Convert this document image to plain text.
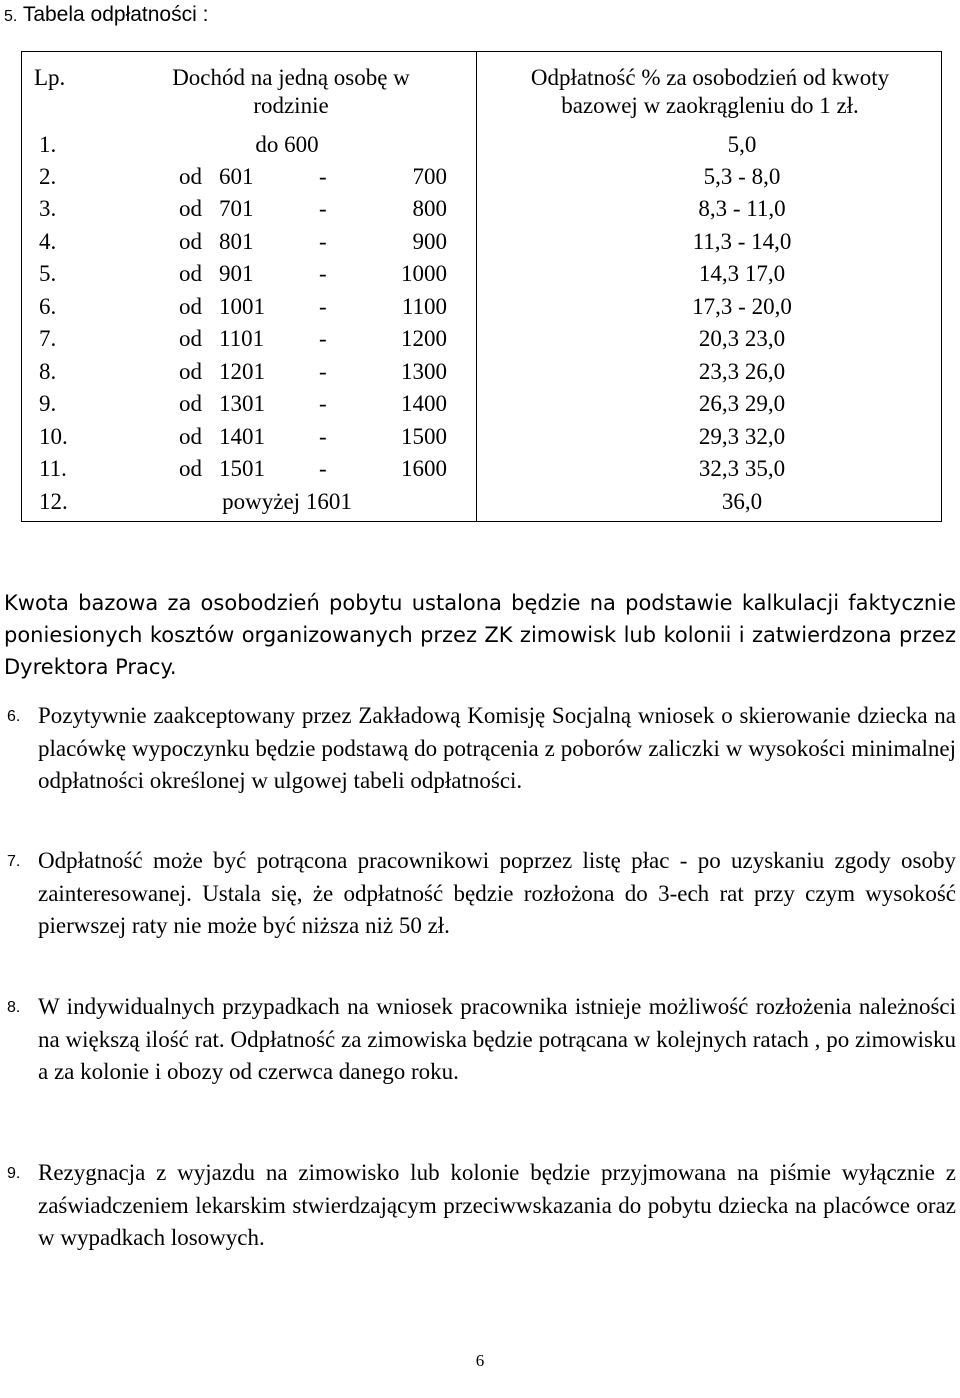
5. Tabela odpłatności :
Lp.	Dochód na jedną osobę w
rodzinie
Odpłatność % za osobodzień od kwoty
bazowej w zaokrągleniu do 1 zł.
1.	do 600	5,0
2.	od 601	-	700	5,3 - 8,0
3.	od 701	-	800	8,3 - 11,0
4.	od 801	-	900	11,3 - 14,0
5.	od 901	-	1000	14,3 17,0
6.	od 1001 -	1100	17,3 - 20,0
7.	od 1101 -	1200	20,3 23,0
8.	od 1201 -	1300	23,3 26,0
9.	od 1301 -	1400	26,3 29,0
10.	od 1401 -	1500	29,3 32,0
11.	od 1501 -	1600	32,3 35,0
12.	powyżej 1601	36,0

Kwota bazowa za osobodzień pobytu ustalona będzie na podstawie kalkulacji faktycznie poniesionych kosztów organizowanych przez ZK zimowisk lub kolonii i zatwierdzona przez Dyrektora Pracy.

6. Pozytywnie zaakceptowany przez Zakładową Komisję Socjalną wniosek o skierowanie dziecka na placówkę wypoczynku będzie podstawą do potrącenia z poborów zaliczki w wysokości minimalnej odpłatności określonej w ulgowej tabeli odpłatności.
7. Odpłatność może być potrącona pracownikowi poprzez listę płac - po uzyskaniu zgody osoby zainteresowanej. Ustala się, że odpłatność będzie rozłożona do 3-ech rat przy czym wysokość pierwszej raty nie może być niższa niż 50 zł.
8. W indywidualnych przypadkach na wniosek pracownika istnieje możliwość rozłożenia należności na większą ilość rat. Odpłatność za zimowiska będzie potrącana w kolejnych ratach , po zimowisku a za kolonie i obozy od czerwca danego roku.
9. Rezygnacja z wyjazdu na zimowisko lub kolonie będzie przyjmowana na piśmie wyłącznie z zaświadczeniem lekarskim stwierdzającym przeciwwskazania do pobytu dziecka na placówce oraz w wypadkach losowych.
6
